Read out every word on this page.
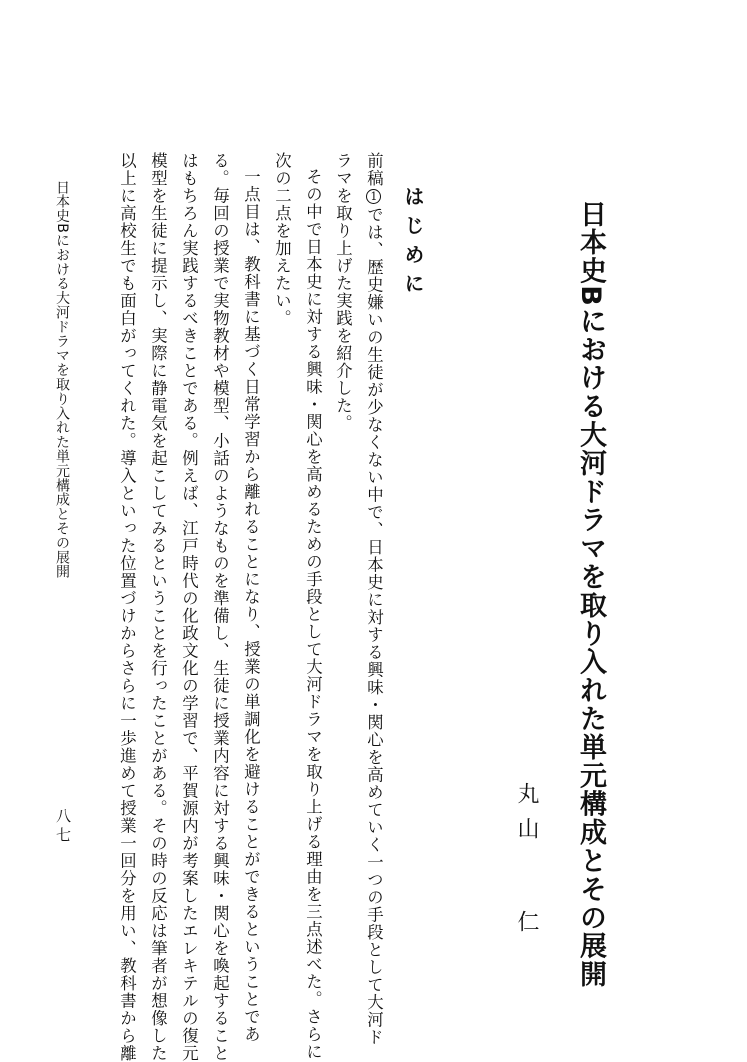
日本史Bにおける大河ドラマを取り入れた単元構成とその展開
丸山
仁
はじめに
前稿1では、歴史嫌いの生徒が少なくない中で、日本史に対する興味・関心を高めていく一つの手段として大河ド
ラマを取り上げた実践を紹介した。
その中で日本史に対する興味・関心を高めるための手段として大河ドラマを取り上げる理由を三点述べた。さらに
次の二点を加えたい。
一点目は、教科書に基づく日常学習から離れることになり、授業の単調化を避けることができるということであ
る。毎回の授業で実物教材や模型、小話のようなものを準備し、生徒に授業内容に対する興味・関心を喚起すること
はもちろん実践するべきことである。例えば、江戸時代の化政文化の学習で、平賀源内が考案したエレキテルの復元
模型を生徒に提示し、実際に静電気を起こしてみるということを行ったことがある。その時の反応は筆者が想像した
以上に高校生でも面白がってくれた。導入といった位置づけからさらに一歩進めて授業一回分を用い、教科書から離
日本史Bにおける大河ドラマを取り入れた単元構成とその展開
八七
